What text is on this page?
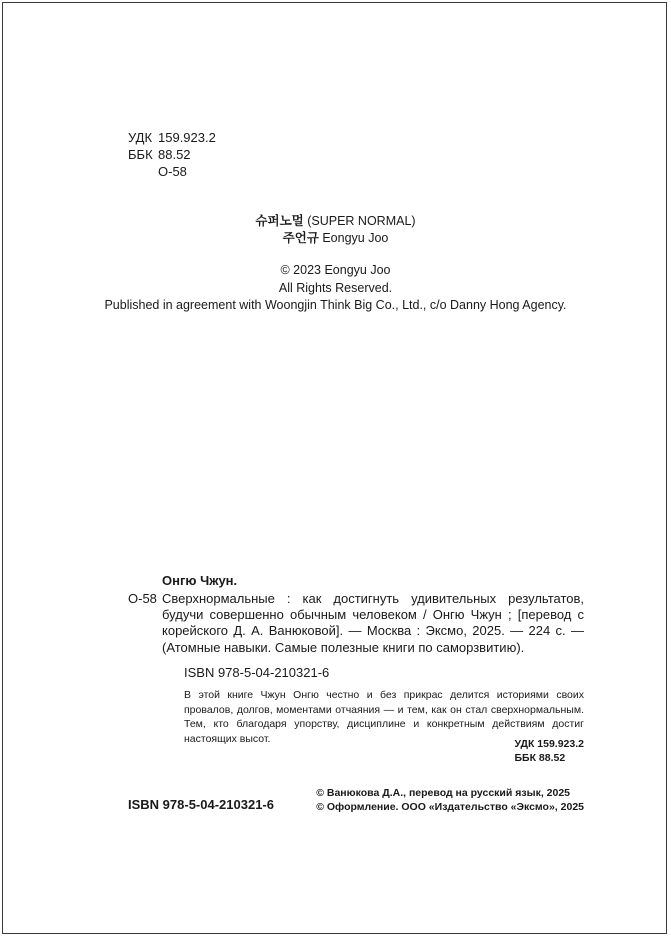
УДК 159.923.2
ББК 88.52
О-58
슈퍼노멀 (SUPER NORMAL)
주언규 Eongyu Joo
© 2023 Eongyu Joo
All Rights Reserved.
Published in agreement with Woongjin Think Big Co., Ltd., c/o Danny Hong Agency.
Онгю Чжун.
О-58 Сверхнормальные : как достигнуть удивительных результатов, будучи совершенно обычным человеком / Онгю Чжун ; [перевод с корейского Д. А. Ванюковой]. — Москва : Эксмо, 2025. — 224 с. — (Атомные навыки. Самые полезные книги по саморзвитию).
ISBN 978-5-04-210321-6
В этой книге Чжун Онгю честно и без прикрас делится историями своих провалов, долгов, моментами отчаяния — и тем, как он стал сверхнормальным. Тем, кто благодаря упорству, дисциплине и конкретным действиям достиг настоящих высот.	УДК 159.923.2
ББК 88.52
ISBN 978-5-04-210321-6
© Ванюкова Д.А., перевод на русский язык, 2025
© Оформление. ООО «Издательство «Эксмо», 2025
